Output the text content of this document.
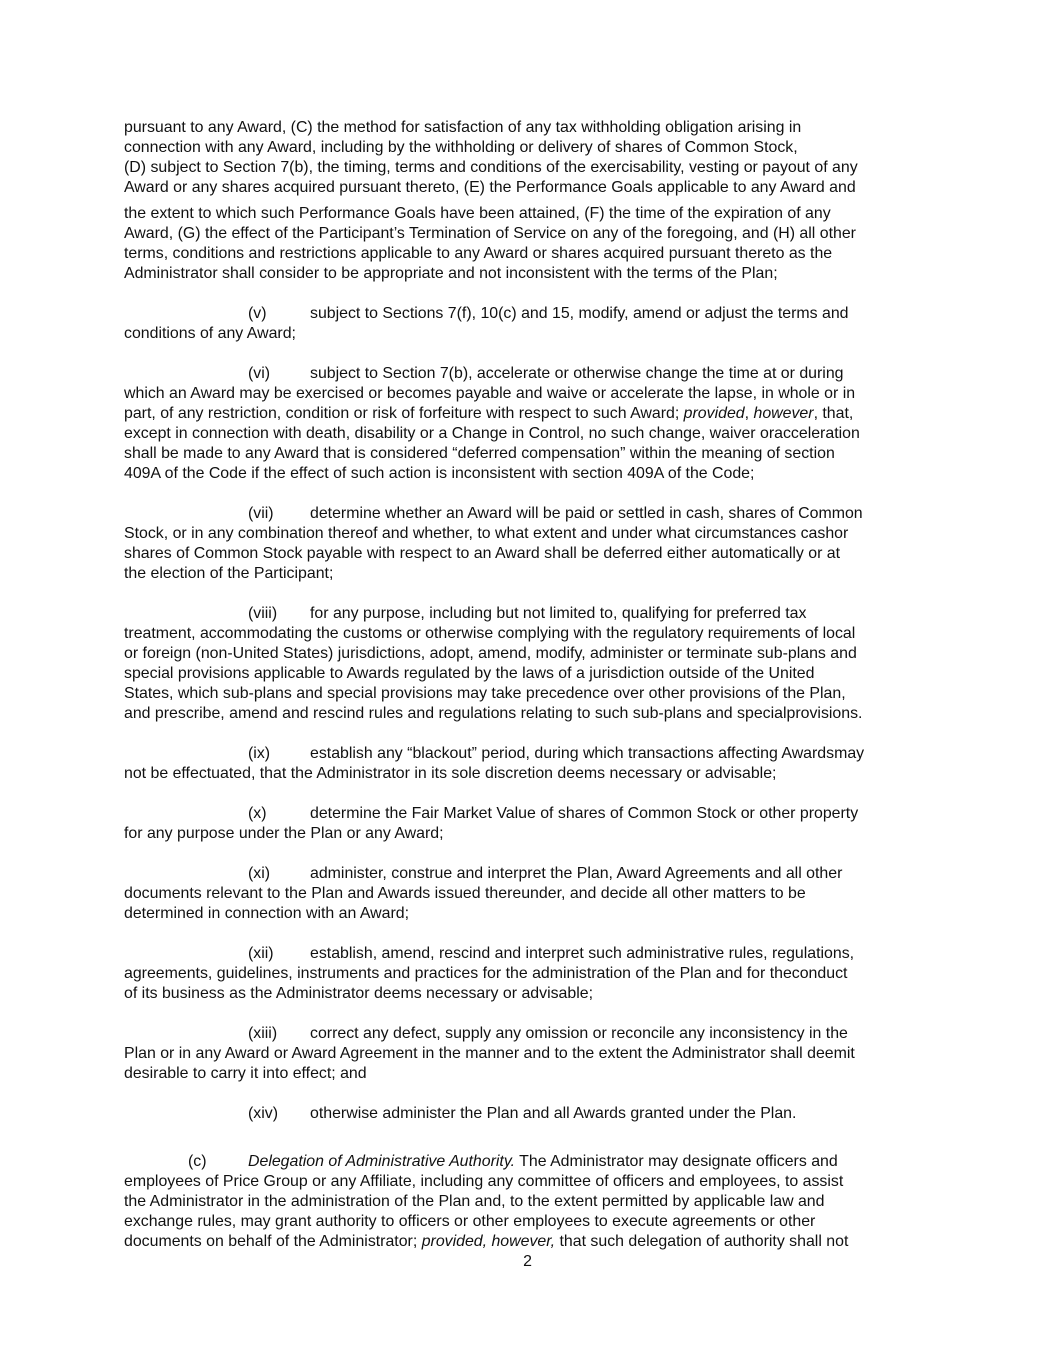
pursuant to any Award, (C) the method for satisfaction of any tax withholding obligation arising in

connection with any Award, including by the withholding or delivery of shares of Common Stock,

(D) subject to Section 7(b), the timing, terms and conditions of the exercisability, vesting or payout of any

Award or any shares acquired pursuant thereto, (E) the Performance Goals applicable to any Award and

the extent to which such Performance Goals have been attained, (F) the time of the expiration of any

Award, (G) the effect of the Participant’s Termination of Service on any of the foregoing, and (H) all other

terms, conditions and restrictions applicable to any Award or shares acquired pursuant thereto as the

Administrator shall consider to be appropriate and not inconsistent with the terms of the Plan;

(v)	subject to Sections 7(f), 10(c) and 15, modify, amend or adjust the terms and

conditions of any Award;

(vi)	subject to Section 7(b), accelerate or otherwise change the time at or during

which an Award may be exercised or becomes payable and waive or accelerate the lapse, in whole or in

part, of any restriction, condition or risk of forfeiture with respect to such Award; provided, however, that,

except in connection with death, disability or a Change in Control, no such change, waiver oracceleration

shall be made to any Award that is considered “deferred compensation” within the meaning of section

409A of the Code if the effect of such action is inconsistent with section 409A of the Code;

(vii) determine whether an Award will be paid or settled in cash, shares of Common

Stock, or in any combination thereof and whether, to what extent and under what circumstances cashor

shares of Common Stock payable with respect to an Award shall be deferred either automatically or at

the election of the Participant;

(viii) for any purpose, including but not limited to, qualifying for preferred tax

treatment, accommodating the customs or otherwise complying with the regulatory requirements of local

or foreign (non-United States) jurisdictions, adopt, amend, modify, administer or terminate sub-plans and

special provisions applicable to Awards regulated by the laws of a jurisdiction outside of the United

States, which sub-plans and special provisions may take precedence over other provisions of the Plan,

and prescribe, amend and rescind rules and regulations relating to such sub-plans and specialprovisions.

(ix)	establish any “blackout” period, during which transactions affecting Awardsmay

not be effectuated, that the Administrator in its sole discretion deems necessary or advisable;

(x)	determine the Fair Market Value of shares of Common Stock or other property

for any purpose under the Plan or any Award;

(xi)	administer, construe and interpret the Plan, Award Agreements and all other

documents relevant to the Plan and Awards issued thereunder, and decide all other matters to be

determined in connection with an Award;

(xii) establish, amend, rescind and interpret such administrative rules, regulations,

agreements, guidelines, instruments and practices for the administration of the Plan and for theconduct

of its business as the Administrator deems necessary or advisable;

(xiii) correct any defect, supply any omission or reconcile any inconsistency in the

Plan or in any Award or Award Agreement in the manner and to the extent the Administrator shall deemit

desirable to carry it into effect; and

(xiv) otherwise administer the Plan and all Awards granted under the Plan.

(c)	Delegation of Administrative Authority. The Administrator may designate officers and

employees of Price Group or any Affiliate, including any committee of officers and employees, to assist

the Administrator in the administration of the Plan and, to the extent permitted by applicable law and

exchange rules, may grant authority to officers or other employees to execute agreements or other

documents on behalf of the Administrator; provided, however, that such delegation of authority shall not

2
